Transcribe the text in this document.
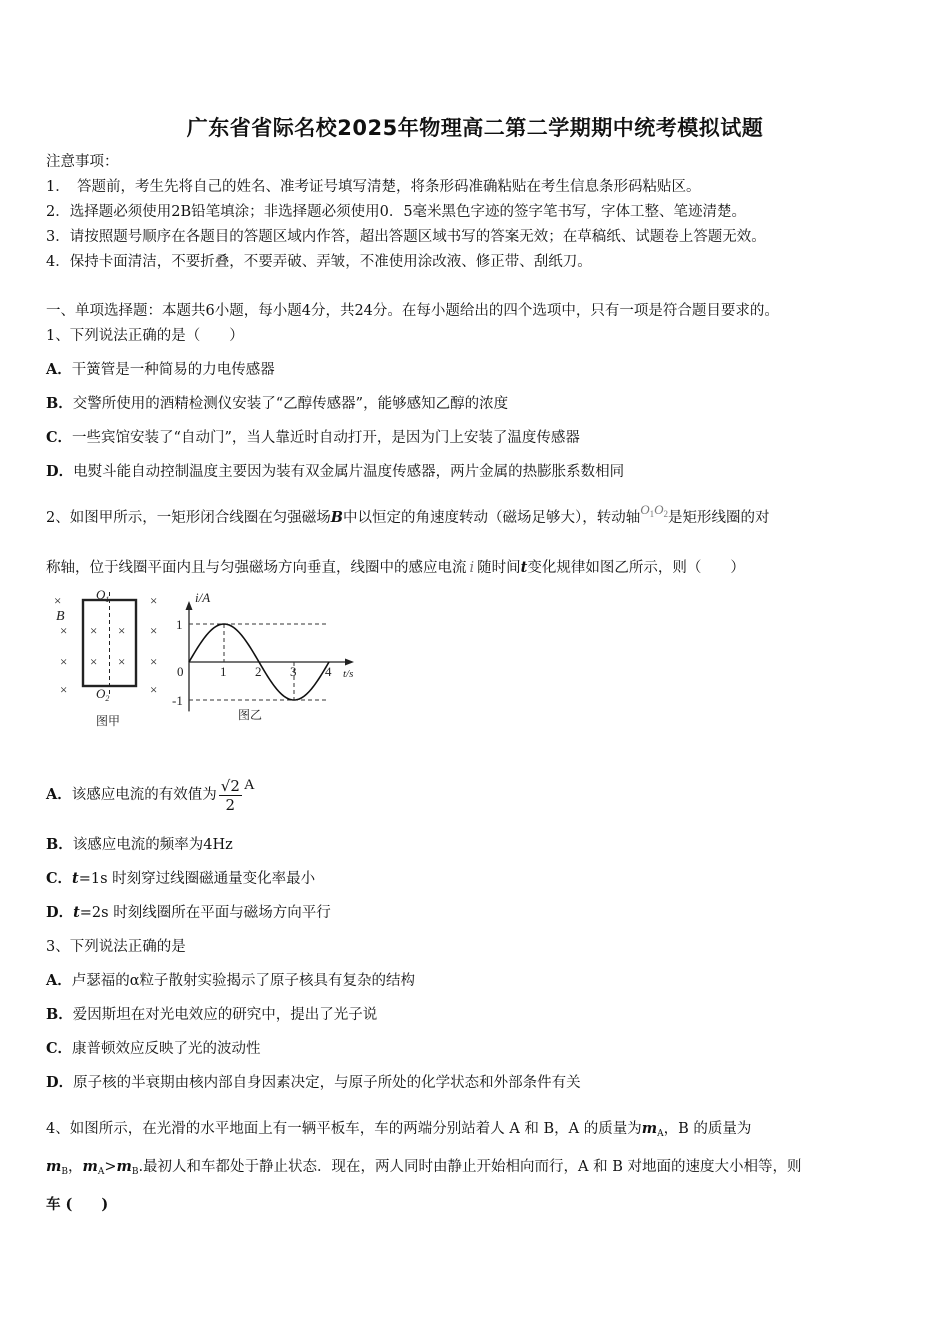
广东省省际名校2025年物理高二第二学期期中统考模拟试题
注意事项：
1．　答题前，考生先将自己的姓名、准考证号填写清楚，将条形码准确粘贴在考生信息条形码粘贴区。
2．选择题必须使用2B铅笔填涂；非选择题必须使用0．5毫米黑色字迹的签字笔书写，字体工整、笔迹清楚。
3．请按照题号顺序在各题目的答题区域内作答，超出答题区域书写的答案无效；在草稿纸、试题卷上答题无效。
4．保持卡面清洁，不要折叠，不要弄破、弄皱，不准使用涂改液、修正带、刮纸刀。
一、单项选择题：本题共6小题，每小题4分，共24分。在每小题给出的四个选项中，只有一项是符合题目要求的。
1、下列说法正确的是（　　）
A．干簧管是一种简易的力电传感器
B．交警所使用的酒精检测仪安装了“乙醇传感器”，能够感知乙醇的浓度
C．一些宾馆安装了“自动门”，当人靠近时自动打开，是因为门上安装了温度传感器
D．电熨斗能自动控制温度主要因为装有双金属片温度传感器，两片金属的热膨胀系数相同
2、如图甲所示，一矩形闭合线圈在匀强磁场B中以恒定的角速度转动（磁场足够大），转动轴$O_1O_2$是矩形线圈的对
称轴，位于线圈平面内且与匀强磁场方向垂直，线圈中的感应电流 i 随时间t变化规律如图乙所示，则（　　）
×	×
× × × ×
× × × ×
×	×
B
$O_1$
$O_2$
图甲
0	1 2 3 4
1
-1
i/A
t/s
图乙
A．该感应电流的有效值为 $\frac{√2}{2}$ A
B．该感应电流的频率为4Hz
C．t=1s 时刻穿过线圈磁通量变化率最小
D．t=2s 时刻线圈所在平面与磁场方向平行
3、下列说法正确的是
A．卢瑟福的α粒子散射实验揭示了原子核具有复杂的结构
B．爱因斯坦在对光电效应的研究中，提出了光子说
C．康普顿效应反映了光的波动性
D．原子核的半衰期由核内部自身因素决定，与原子所处的化学状态和外部条件有关
4、如图所示，在光滑的水平地面上有一辆平板车，车的两端分别站着人 A 和 B，A 的质量为$m_A$，B 的质量为
$m_B$，$m_A>m_B$.最初人和车都处于静止状态．现在，两人同时由静止开始相向而行，A 和 B 对地面的速度大小相等，则
车 (　　)
